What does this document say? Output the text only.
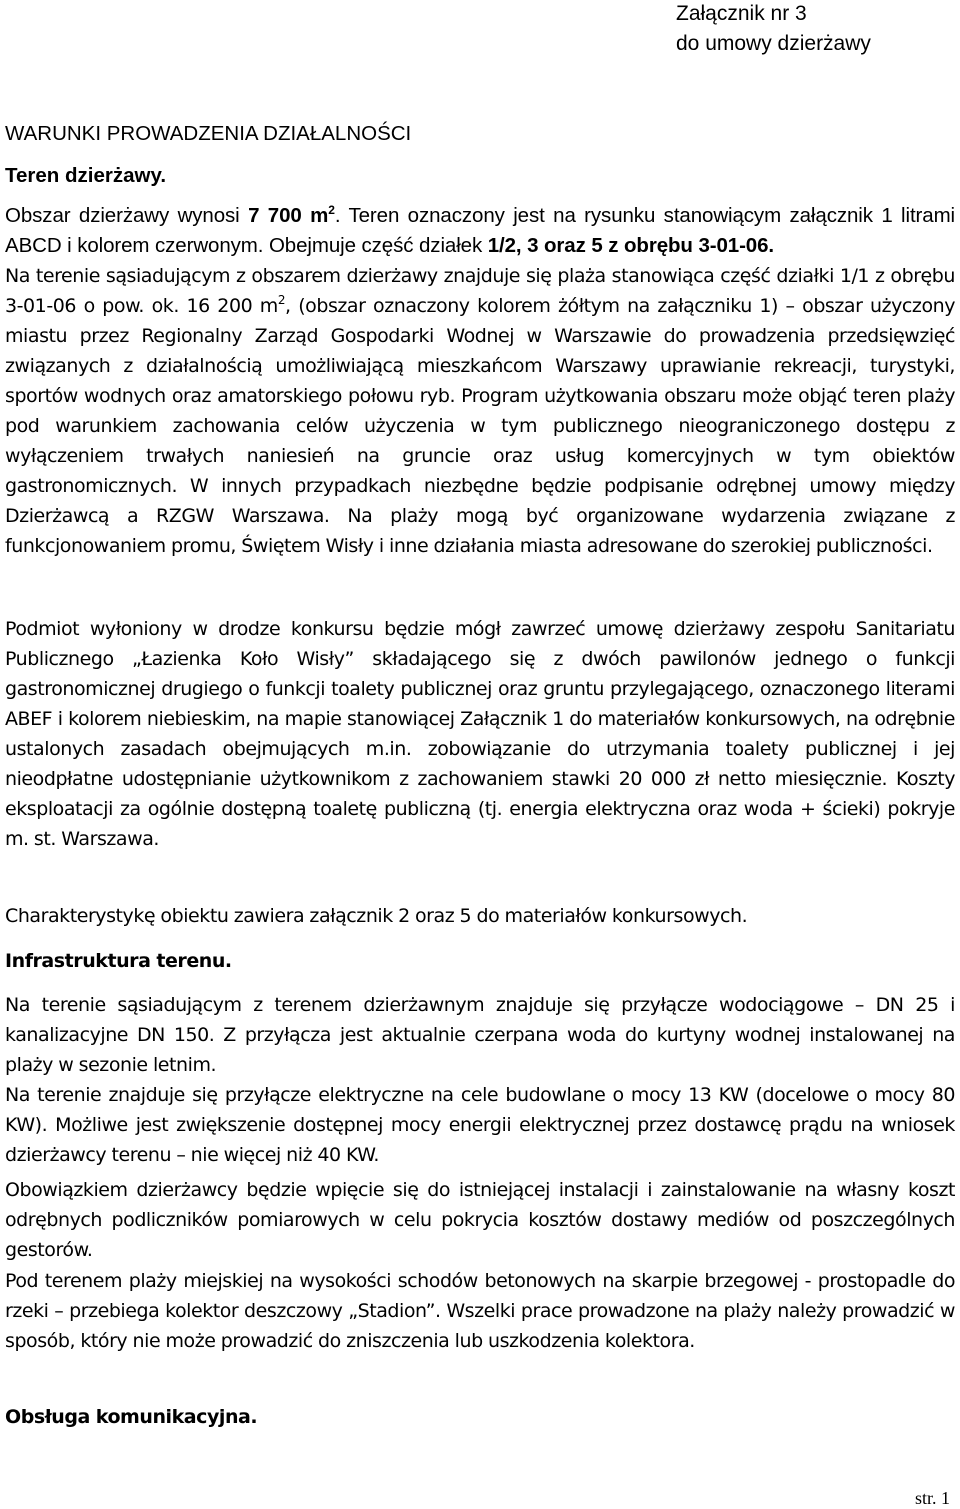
Załącznik nr 3
do umowy dzierżawy

WARUNKI PROWADZENIA DZIAŁALNOŚCI

Teren dzierżawy.

Obszar dzierżawy wynosi 7 700 $m^2$. Teren oznaczony jest na rysunku stanowiącym załącznik 1 litrami ABCD i kolorem czerwonym. Obejmuje część działek 1/2, 3 oraz 5 z obrębu 3-01-06.

Na terenie sąsiadującym z obszarem dzierżawy znajduje się plaża stanowiąca część działki 1/1 z obrębu 3-01-06 o pow. ok. 16 200 $m^2$, (obszar oznaczony kolorem żółtym na załączniku 1) – obszar użyczony miastu przez Regionalny Zarząd Gospodarki Wodnej w Warszawie do prowadzenia przedsięwzięć związanych z działalnością umożliwiającą mieszkańcom Warszawy uprawianie rekreacji, turystyki, sportów wodnych oraz amatorskiego połowu ryb. Program użytkowania obszaru może objąć teren plaży pod warunkiem zachowania celów użyczenia w tym publicznego nieograniczonego dostępu z wyłączeniem trwałych naniesień na gruncie oraz usług komercyjnych w tym obiektów gastronomicznych. W innych przypadkach niezbędne będzie podpisanie odrębnej umowy między Dzierżawcą a RZGW Warszawa. Na plaży mogą być organizowane wydarzenia związane z funkcjonowaniem promu, Świętem Wisły i inne działania miasta adresowane do szerokiej publiczności.

Podmiot wyłoniony w drodze konkursu będzie mógł zawrzeć umowę dzierżawy zespołu Sanitariatu Publicznego „Łazienka Koło Wisły” składającego się z dwóch pawilonów jednego o funkcji gastronomicznej drugiego o funkcji toalety publicznej oraz gruntu przylegającego, oznaczonego literami ABEF i kolorem niebieskim, na mapie stanowiącej Załącznik 1 do materiałów konkursowych, na odrębnie ustalonych zasadach obejmujących m.in. zobowiązanie do utrzymania toalety publicznej i jej nieodpłatne udostępnianie użytkownikom z zachowaniem stawki 20 000 zł netto miesięcznie. Koszty eksploatacji za ogólnie dostępną toaletę publiczną (tj. energia elektryczna oraz woda + ścieki) pokryje m. st. Warszawa.

Charakterystykę obiektu zawiera załącznik 2 oraz 5 do materiałów konkursowych.

Infrastruktura terenu.

Na terenie sąsiadującym z terenem dzierżawnym znajduje się przyłącze wodociągowe – DN 25 i kanalizacyjne DN 150. Z przyłącza jest aktualnie czerpana woda do kurtyny wodnej instalowanej na plaży w sezonie letnim.

Na terenie znajduje się przyłącze elektryczne na cele budowlane o mocy 13 KW (docelowe o mocy 80 KW). Możliwe jest zwiększenie dostępnej mocy energii elektrycznej przez dostawcę prądu na wniosek dzierżawcy terenu – nie więcej niż 40 KW.

Obowiązkiem dzierżawcy będzie wpięcie się do istniejącej instalacji i zainstalowanie na własny koszt odrębnych podliczników pomiarowych w celu pokrycia kosztów dostawy mediów od poszczególnych gestorów.

Pod terenem plaży miejskiej na wysokości schodów betonowych na skarpie brzegowej - prostopadle do rzeki – przebiega kolektor deszczowy „Stadion”. Wszelki prace prowadzone na plaży należy prowadzić w sposób, który nie może prowadzić do zniszczenia lub uszkodzenia kolektora.

Obsługa komunikacyjna.

str. 1
